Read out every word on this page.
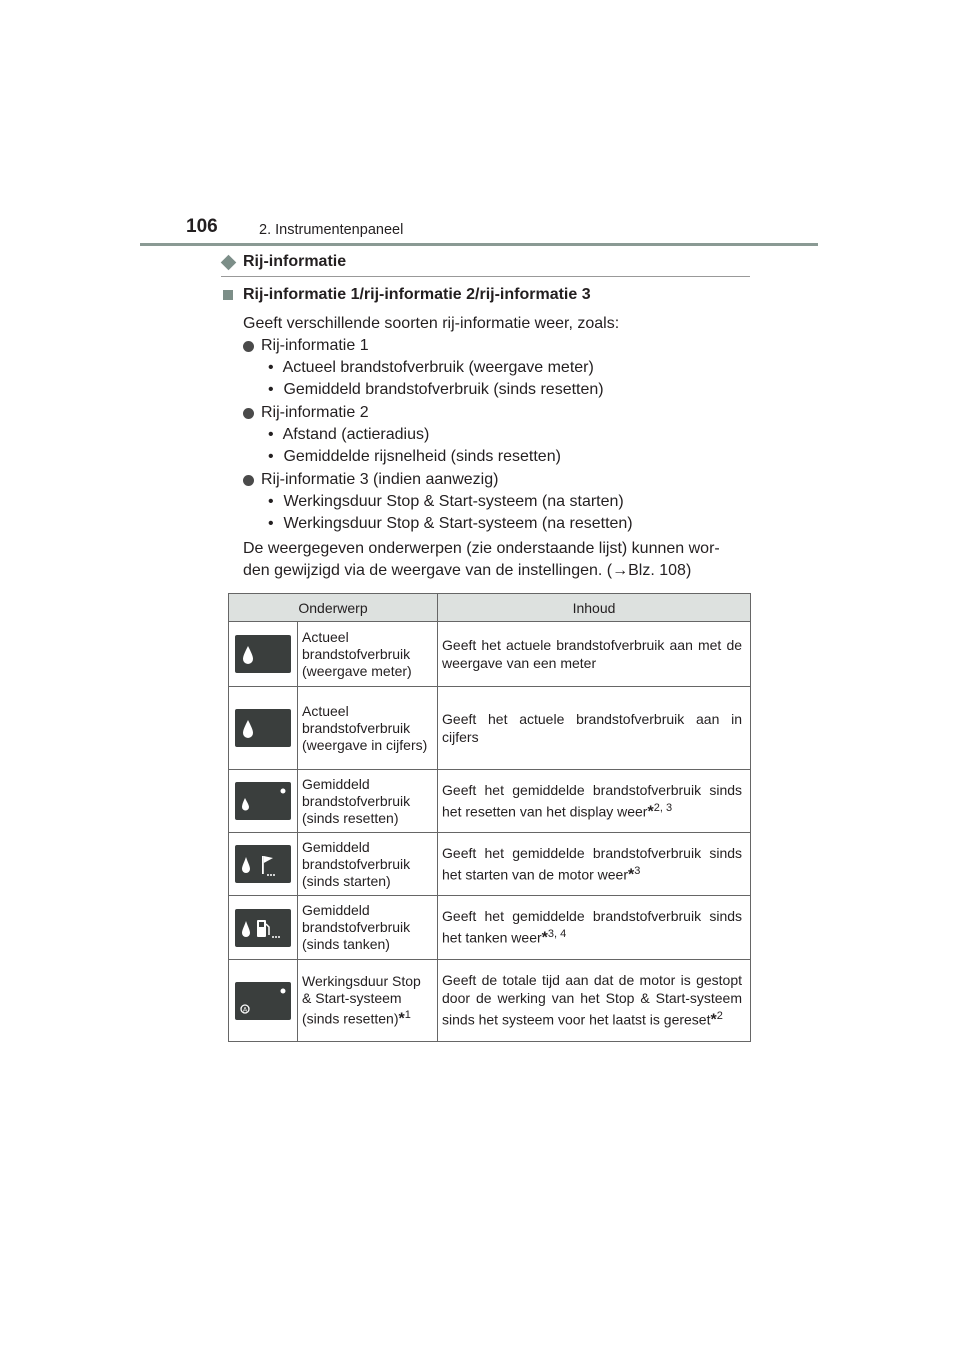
106	2. Instrumentenpaneel
Rij-informatie
Rij-informatie 1/rij-informatie 2/rij-informatie 3
Geeft verschillende soorten rij-informatie weer, zoals:
Rij-informatie 1
• Actueel brandstofverbruik (weergave meter)
• Gemiddeld brandstofverbruik (sinds resetten)
Rij-informatie 2
• Afstand (actieradius)
• Gemiddelde rijsnelheid (sinds resetten)
Rij-informatie 3 (indien aanwezig)
• Werkingsduur Stop & Start-systeem (na starten)
• Werkingsduur Stop & Start-systeem (na resetten)
De weergegeven onderwerpen (zie onderstaande lijst) kunnen wor-
den gewijzigd via de weergave van de instellingen. (→Blz. 108)
Onderwerp		Inhoud

	Actueel brandstofverbruik (weergave meter)	Geeft het actuele brandstofverbruik aan met de weergave van een meter

	Actueel brandstofverbruik (weergave in cijfers)	Geeft het actuele brandstofverbruik aan in cijfers

	Gemiddeld brandstofverbruik (sinds resetten)	Geeft het gemiddelde brandstofverbruik sinds het resetten van het display weer*$^{2, 3}$

	Gemiddeld brandstofverbruik (sinds starten)	Geeft het gemiddelde brandstofverbruik sinds het starten van de motor weer*$^3$

	Gemiddeld brandstofverbruik (sinds tanken)	Geeft het gemiddelde brandstofverbruik sinds het tanken weer*$^{3, 4}$

A	Werkingsduur Stop & Start-systeem (sinds resetten)*$^1$	Geeft de totale tijd aan dat de motor is gestopt door de werking van het Stop & Start-systeem sinds het systeem voor het laatst is gereset*$^2$
